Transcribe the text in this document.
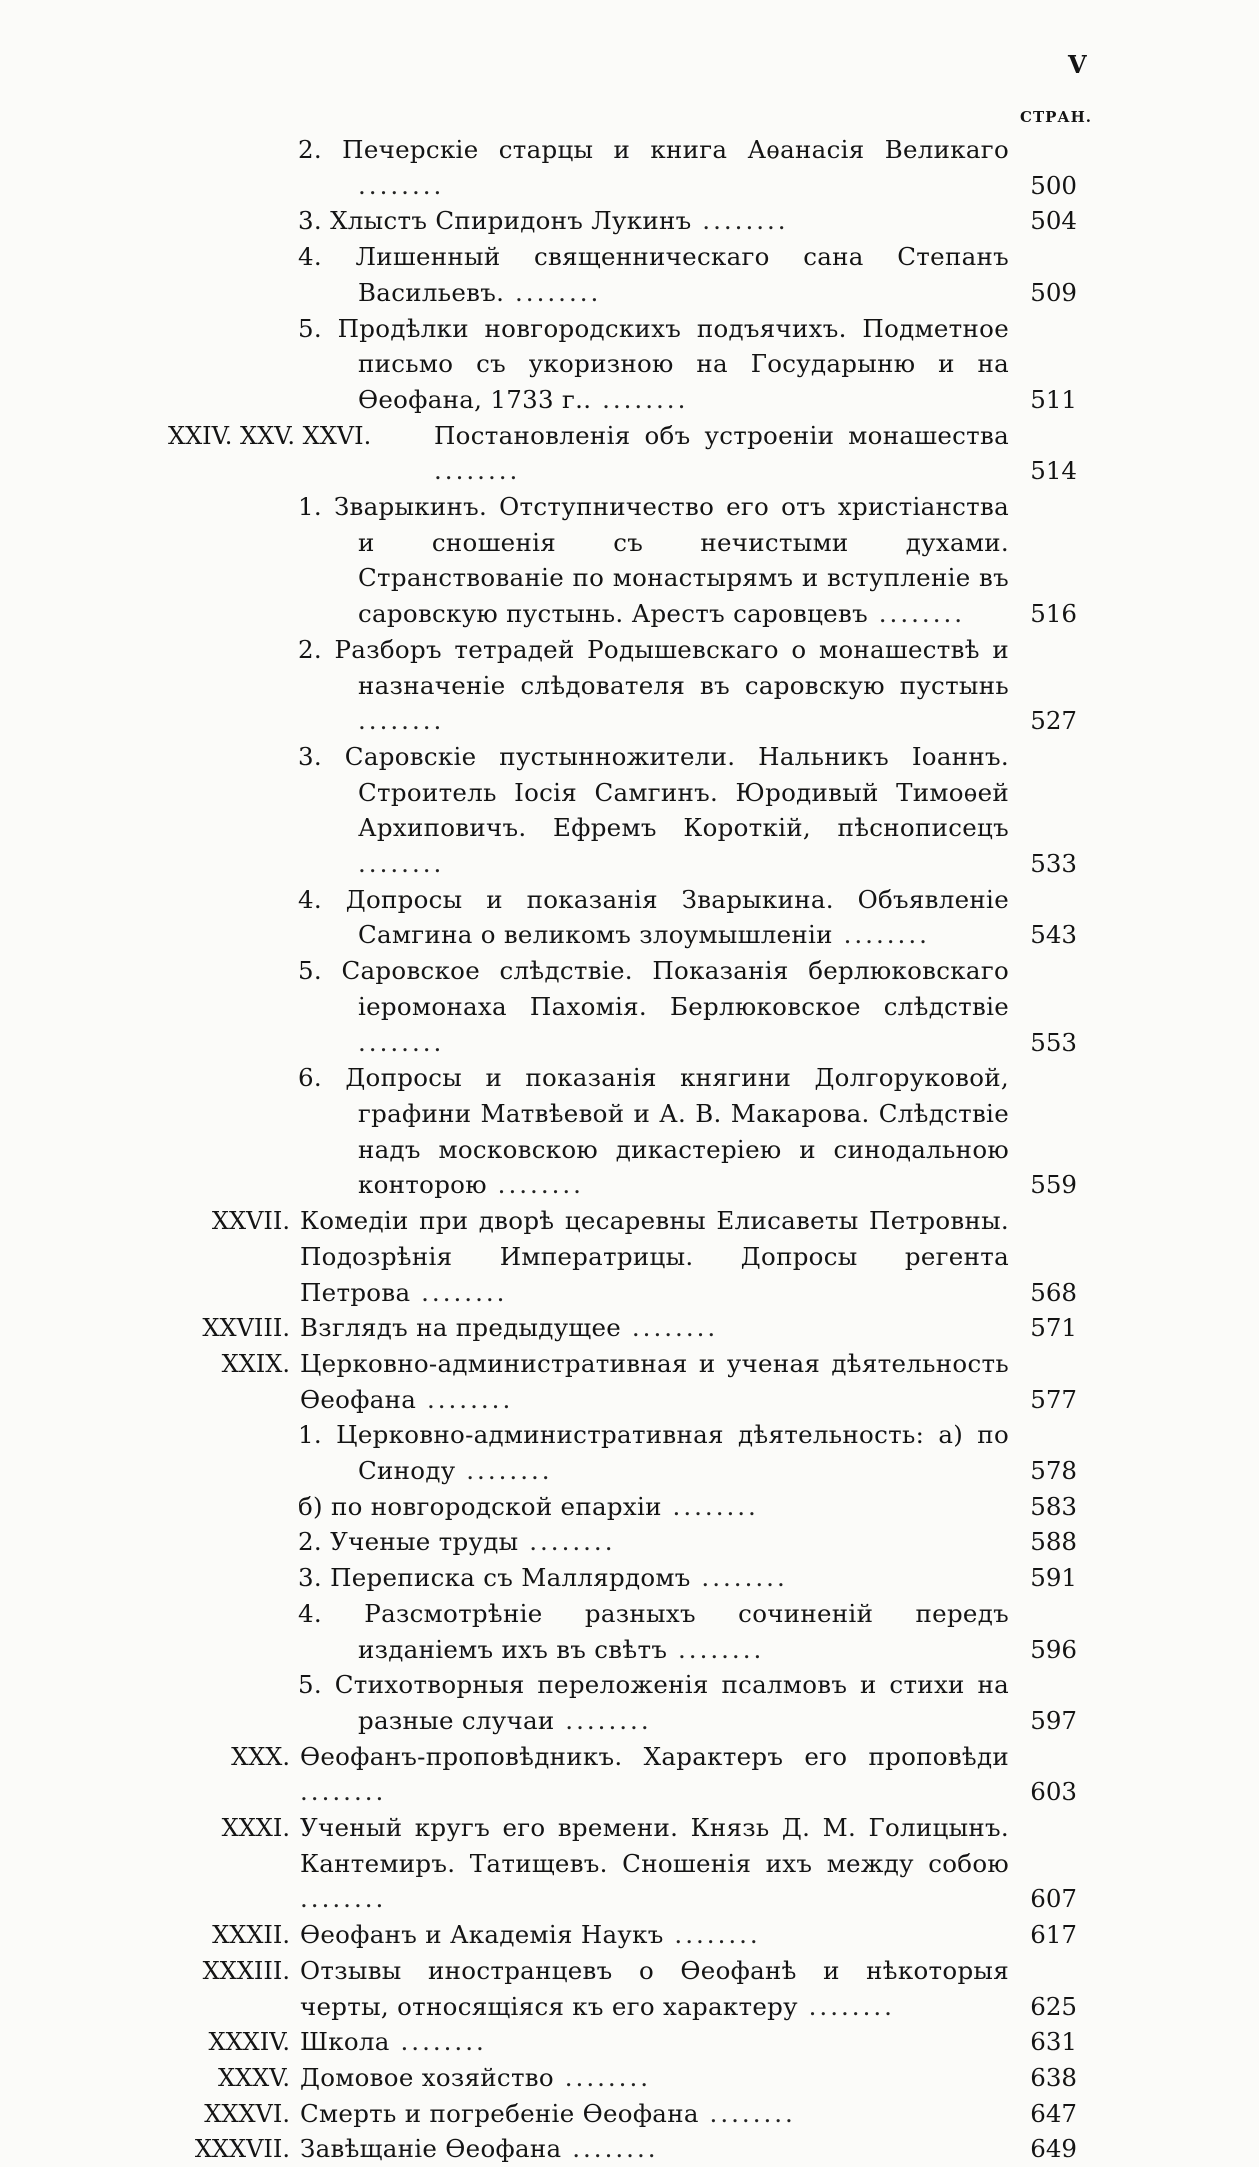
V
СТРАН.
2. Печерскіе старцы и книга Аѳанасія Великаго ........	500
3. Хлыстъ Спиридонъ Лукинъ ........	504
4. Лишенный священническаго сана Степанъ Васильевъ. ........	509
5. Продѣлки новгородскихъ подъячихъ. Подметное письмо съ укоризною на Государыню и на Ѳеофана, 1733 г.. ........	511
XXIV. XXV. XXVI.	Постановленія объ устроеніи монашества ........	514
1. Зварыкинъ. Отступничество его отъ христіанства и сношенія съ нечистыми духами. Странствованіе по монастырямъ и вступленіе въ саровскую пустынь. Арестъ саровцевъ ........	516
2. Разборъ тетрадей Родышевскаго о монашествѣ и назначеніе слѣдователя въ саровскую пустынь ........	527
3. Саровскіе пустынножители. Нальникъ Іоаннъ. Строитель Іосія Самгинъ. Юродивый Тимоѳей Архиповичъ. Ефремъ Короткій, пѣснописецъ ........	533
4. Допросы и показанія Зварыкина. Объявленіе Самгина о великомъ злоумышленіи ........	543
5. Саровское слѣдствіе. Показанія берлюковскаго іеромонаха Пахомія. Берлюковское слѣдствіе ........	553
6. Допросы и показанія княгини Долгоруковой, графини Матвѣевой и А. В. Макарова. Слѣдствіе надъ московскою дикастеріею и синодальною конторою ........	559
XXVII. Комедіи при дворѣ цесаревны Елисаветы Петровны. Подозрѣнія Императрицы. Допросы регента Петрова ........	568
XXVIII. Взглядъ на предыдущее ........	571
XXIX. Церковно-административная и ученая дѣятельность Ѳеофана ........	577
1. Церковно-административная дѣятельность: а) по Синоду ........	578
б) по новгородской епархіи ........	583
2. Ученые труды ........	588
3. Переписка съ Маллярдомъ ........	591
4. Разсмотрѣніе разныхъ сочиненій передъ изданіемъ ихъ въ свѣтъ ........	596
5. Стихотворныя переложенія псалмовъ и стихи на разные случаи ........	597
XXX. Ѳеофанъ-проповѣдникъ. Характеръ его проповѣди ........	603
XXXI. Ученый кругъ его времени. Князь Д. М. Голицынъ. Кантемиръ. Татищевъ. Сношенія ихъ между собою ........	607
XXXII. Ѳеофанъ и Академія Наукъ ........	617
XXXIII. Отзывы иностранцевъ о Ѳеофанѣ и нѣкоторыя черты, относящіяся къ его характеру ........	625
XXXIV. Школа ........	631
XXXV. Домовое хозяйство ........	638
XXXVI. Смерть и погребеніе Ѳеофана ........	647
XXXVII. Завѣщаніе Ѳеофана ........	649
